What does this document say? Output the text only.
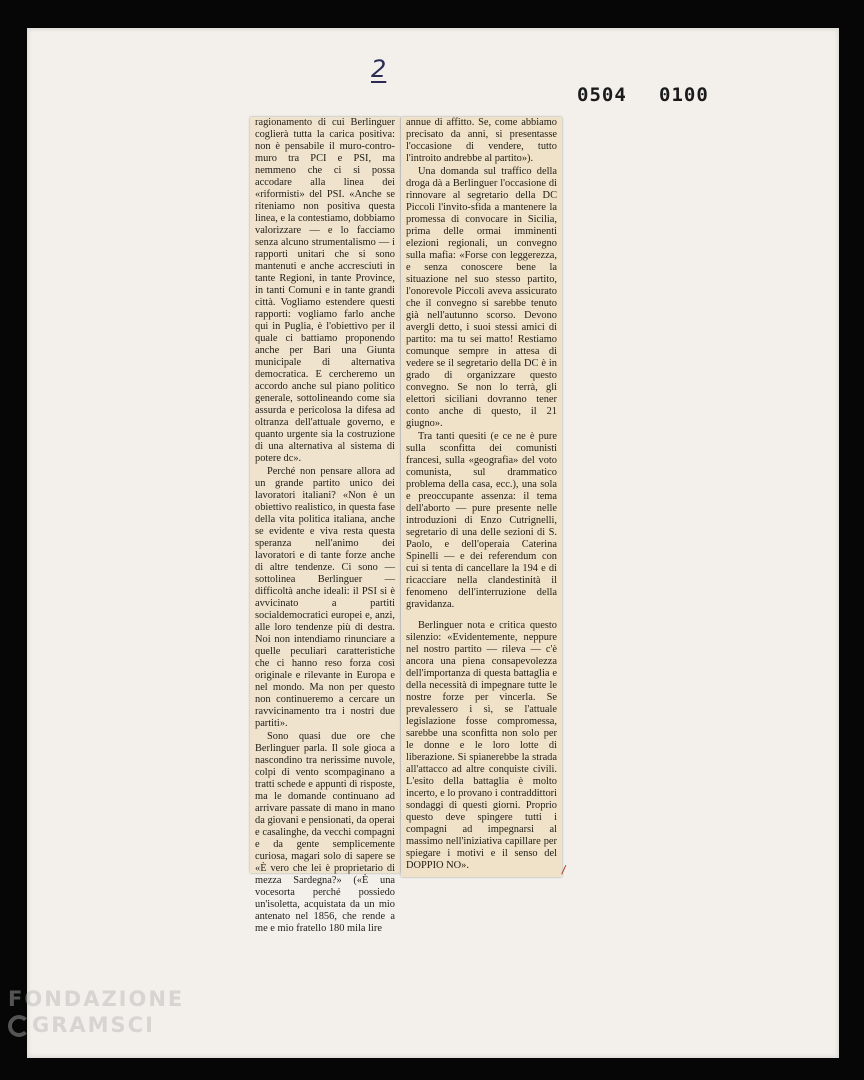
2
0504 0100

ragionamento di cui Berlinguer coglierà tutta la carica positiva: non è pensabile il muro-contro-muro tra PCI e PSI, ma nemmeno che ci si possa accodare alla linea dei «riformisti» del PSI. «Anche se riteniamo non positiva questa linea, e la contestiamo, dobbiamo valorizzare — e lo facciamo senza alcuno strumentalismo — i rapporti unitari che si sono mantenuti e anche accresciuti in tante Regioni, in tante Province, in tanti Comuni e in tante grandi città. Vogliamo estendere questi rapporti: vogliamo farlo anche qui in Puglia, è l'obiettivo per il quale ci battiamo proponendo anche per Bari una Giunta municipale di alternativa democratica. E cercheremo un accordo anche sul piano politico generale, sottolineando come sia assurda e pericolosa la difesa ad oltranza dell'attuale governo, e quanto urgente sia la costruzione di una alternativa al sistema di potere dc».

Perché non pensare allora ad un grande partito unico dei lavoratori italiani? «Non è un obiettivo realistico, in questa fase della vita politica italiana, anche se evidente e viva resta questa speranza nell'animo dei lavoratori e di tante forze anche di altre tendenze. Ci sono — sottolinea Berlinguer — difficoltà anche ideali: il PSI si è avvicinato a partiti socialdemocratici europei e, anzi, alle loro tendenze più di destra. Noi non intendiamo rinunciare a quelle peculiari caratteristiche che ci hanno reso forza così originale e rilevante in Europa e nel mondo. Ma non per questo non continueremo a cercare un ravvicinamento tra i nostri due partiti».

Sono quasi due ore che Berlinguer parla. Il sole gioca a nascondino tra nerissime nuvole, colpi di vento scompaginano a tratti schede e appunti di risposte, ma le domande continuano ad arrivare passate di mano in mano da giovani e pensionati, da operai e casalinghe, da vecchi compagni e da gente semplicemente curiosa, magari solo di sapere se «È vero che lei è proprietario di mezza Sardegna?» («È una vocesorta perché possiedo un'isoletta, acquistata da un mio antenato nel 1856, che rende a me e mio fratello 180 mila lire

annue di affitto. Se, come abbiamo precisato da anni, si presentasse l'occasione di vendere, tutto l'introito andrebbe al partito»).

Una domanda sul traffico della droga dà a Berlinguer l'occasione di rinnovare al segretario della DC Piccoli l'invito-sfida a mantenere la promessa di convocare in Sicilia, prima delle ormai imminenti elezioni regionali, un convegno sulla mafia: «Forse con leggerezza, e senza conoscere bene la situazione nel suo stesso partito, l'onorevole Piccoli aveva assicurato che il convegno si sarebbe tenuto già nell'autunno scorso. Devono avergli detto, i suoi stessi amici di partito: ma tu sei matto! Restiamo comunque sempre in attesa di vedere se il segretario della DC è in grado di organizzare questo convegno. Se non lo terrà, gli elettori siciliani dovranno tener conto anche di questo, il 21 giugno».

Tra tanti quesiti (e ce ne è pure sulla sconfitta dei comunisti francesi, sulla «geografia» del voto comunista, sul drammatico problema della casa, ecc.), una sola e preoccupante assenza: il tema dell'aborto — pure presente nelle introduzioni di Enzo Cutrignelli, segretario di una delle sezioni di S. Paolo, e dell'operaia Caterina Spinelli — e dei referendum con cui si tenta di cancellare la 194 e di ricacciare nella clandestinità il fenomeno dell'interruzione della gravidanza.

Berlinguer nota e critica questo silenzio: «Evidentemente, neppure nel nostro partito — rileva — c'è ancora una piena consapevolezza dell'importanza di questa battaglia e della necessità di impegnare tutte le nostre forze per vincerla. Se prevalessero i sì, se l'attuale legislazione fosse compromessa, sarebbe una sconfitta non solo per le donne e le loro lotte di liberazione. Si spianerebbe la strada all'attacco ad altre conquiste civili. L'esito della battaglia è molto incerto, e lo provano i contraddittori sondaggi di questi giorni. Proprio questo deve spingere tutti i compagni ad impegnarsi al massimo nell'iniziativa capillare per spiegare i motivi e il senso del DOPPIO NO».

FONDAZIONE
GRAMSCI
